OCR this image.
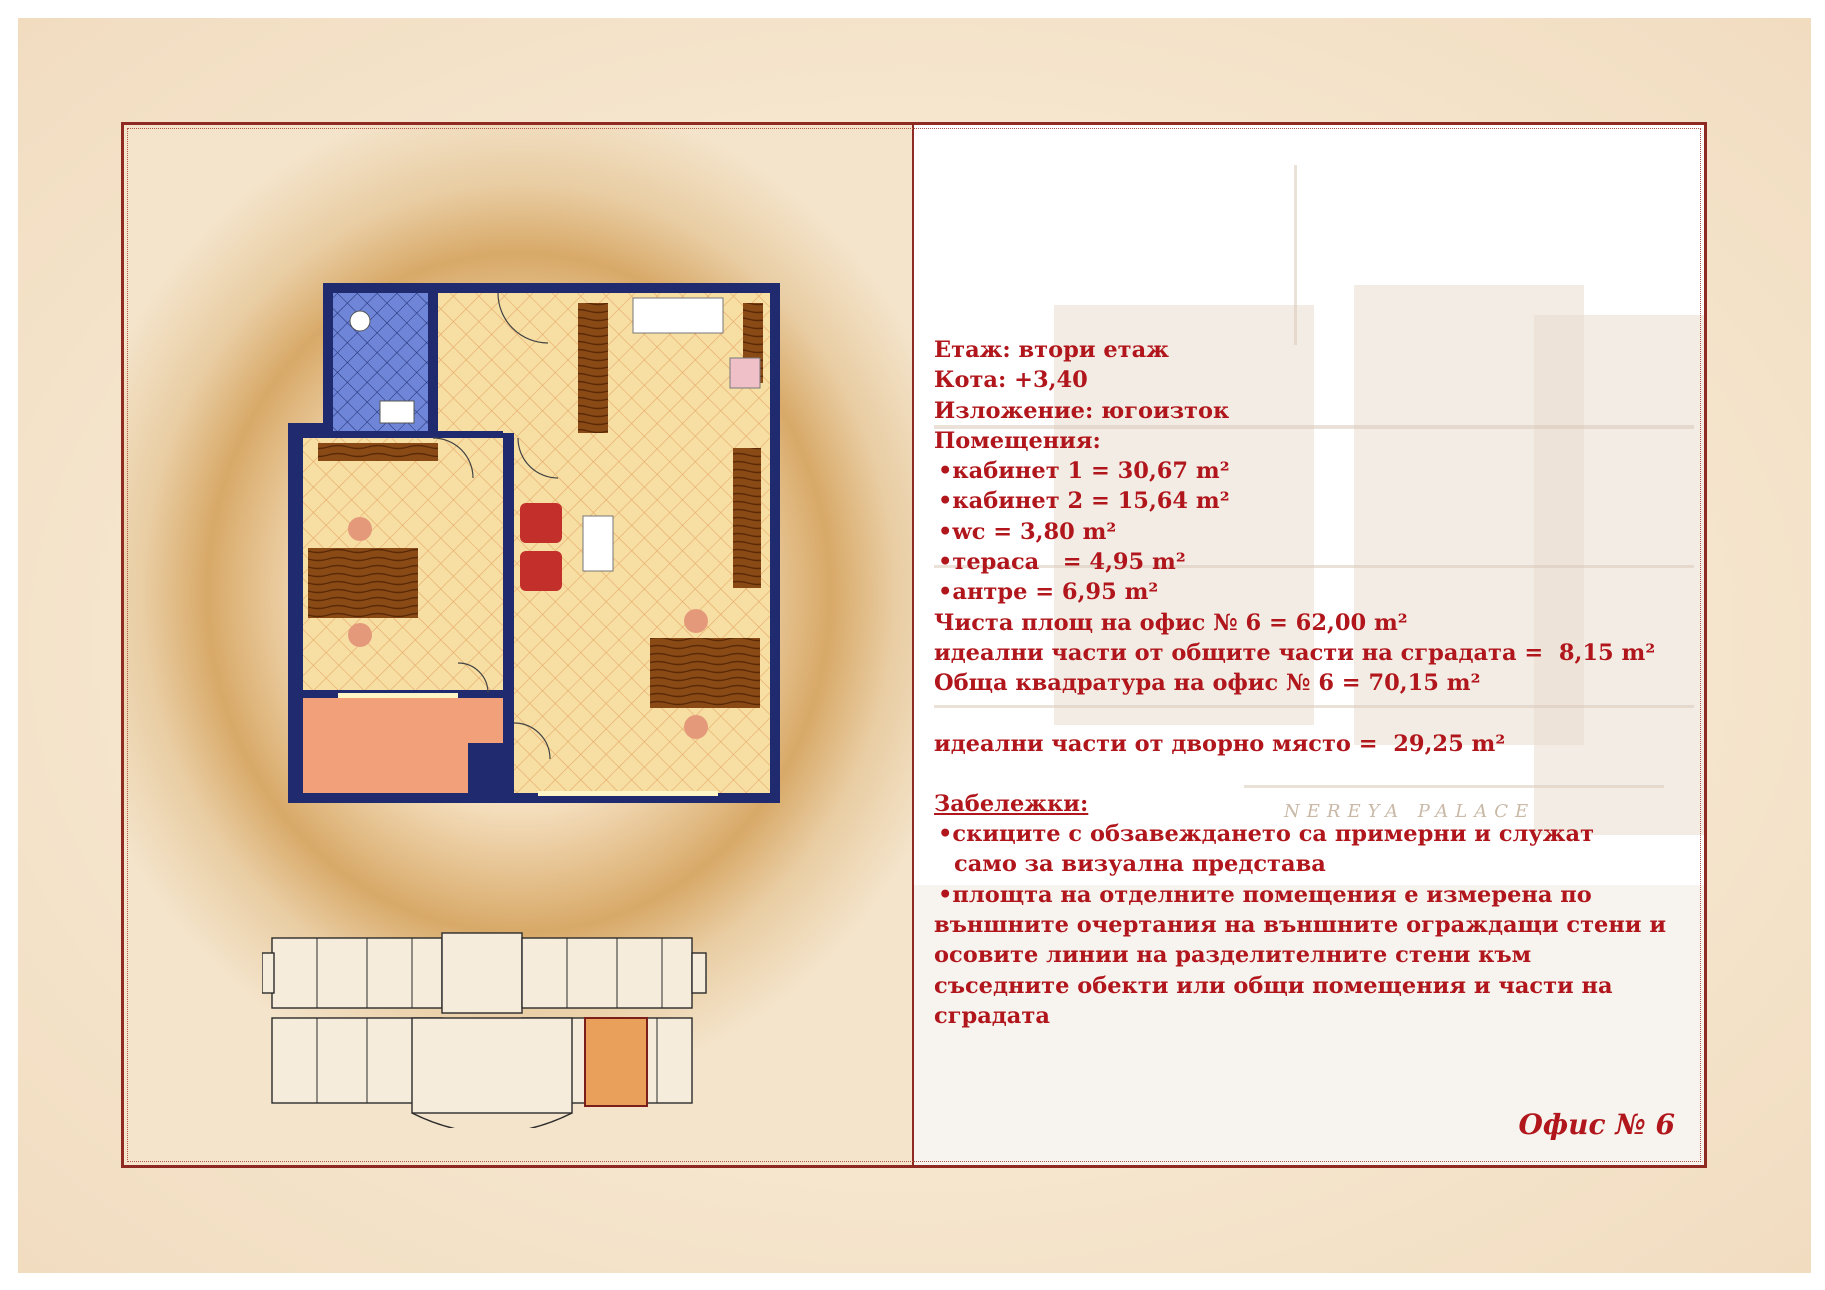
NEREYA PALACE
Етаж: втори етаж
Кота: +3,40
Изложение: югоизток
Помещения:
•кабинет 1 = 30,67 m²
•кабинет 2 = 15,64 m²
•wc = 3,80 m²
•тераса   = 4,95 m²
•антре = 6,95 m²
Чиста площ на офис № 6 = 62,00 m²
идеални части от общите части на сградата =  8,15 m²
Обща квадратура на офис № 6 = 70,15 m²
идеални части от дворно място =  29,25 m²
Забележки:
•скиците с обзавеждането са примерни и служат
само за визуална представа
•площта на отделните помещения е измерена по
външните очертания на външните ограждащи стени и
осовите линии на разделителните стени към
съседните обекти или общи помещения и части на
сградата
Офис № 6
